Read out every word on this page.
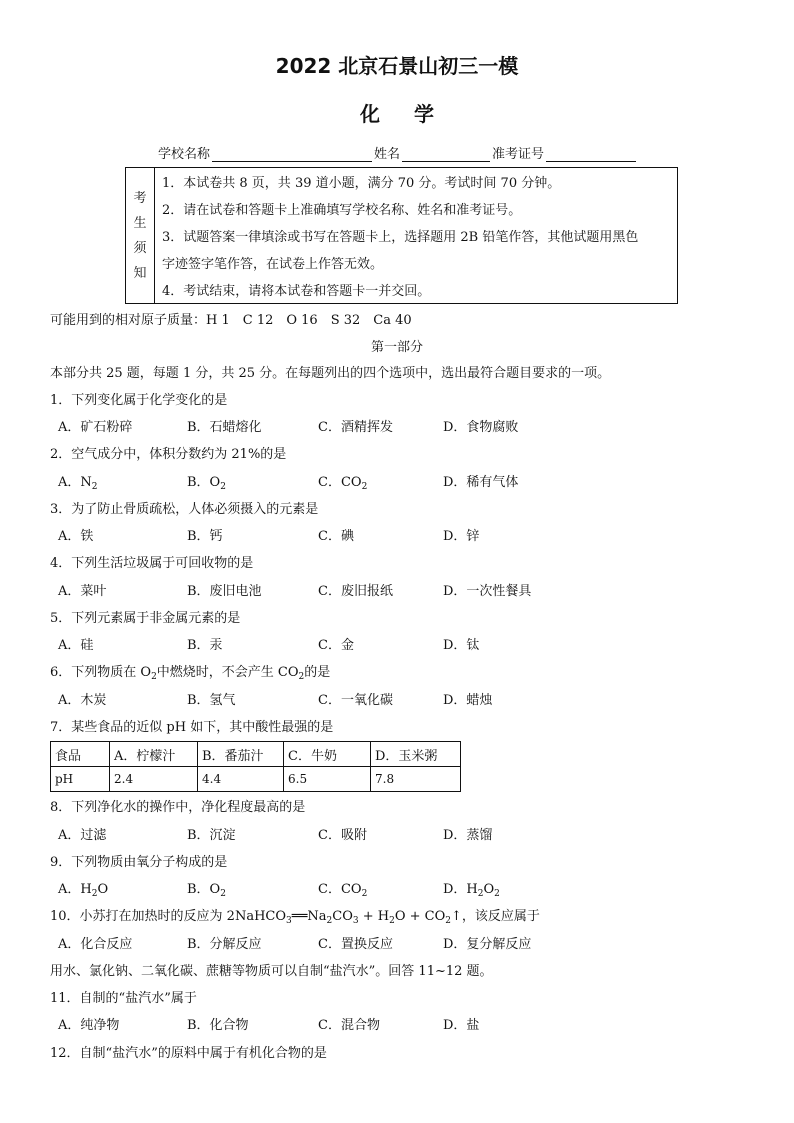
2022 北京石景山初三一模
化学
学校名称	姓名	准考证号
考
生
须
知
1．本试卷共 8 页，共 39 道小题，满分 70 分。考试时间 70 分钟。
2．请在试卷和答题卡上准确填写学校名称、姓名和准考证号。
3．试题答案一律填涂或书写在答题卡上，选择题用 2B 铅笔作答，其他试题用黑色
字迹签字笔作答，在试卷上作答无效。
4．考试结束，请将本试卷和答题卡一并交回。
可能用到的相对原子质量：H 1　C 12　O 16　S 32　Ca 40
第一部分
本部分共 25 题，每题 1 分，共 25 分。在每题列出的四个选项中，选出最符合题目要求的一项。
1．下列变化属于化学变化的是
A．矿石粉碎	B．石蜡熔化	C．酒精挥发	D．食物腐败
2．空气成分中，体积分数约为 21%的是
A．$N_2$	B．$O_2$	C．$CO_2$	D．稀有气体
3．为了防止骨质疏松，人体必须摄入的元素是
A．铁	B．钙	C．碘	D．锌
4．下列生活垃圾属于可回收物的是
A．菜叶	B．废旧电池	C．废旧报纸	D．一次性餐具
5．下列元素属于非金属元素的是
A．硅	B．汞	C．金	D．钛
6．下列物质在 $O_2$中燃烧时，不会产生 $CO_2$的是
A．木炭	B．氢气	C．一氧化碳	D．蜡烛
7．某些食品的近似 pH 如下，其中酸性最强的是
食品	A．柠檬汁	B．番茄汁	C．牛奶	D．玉米粥
pH	2.4	4.4	6.5	7.8
8．下列净化水的操作中，净化程度最高的是
A．过滤	B．沉淀	C．吸附	D．蒸馏
9．下列物质由氧分子构成的是
A．$H_2O$	B．$O_2$	C．$CO_2$	D．$H_2O_2$
10．小苏打在加热时的反应为 $2NaHCO_3══Na_2CO_3 + H_2O$ + $CO_2↑$，该反应属于
A．化合反应	B．分解反应	C．置换反应	D．复分解反应
用水、氯化钠、二氧化碳、蔗糖等物质可以自制“盐汽水”。回答 11~12 题。
11．自制的“盐汽水”属于
A．纯净物	B．化合物	C．混合物	D．盐
12．自制“盐汽水”的原料中属于有机化合物的是
